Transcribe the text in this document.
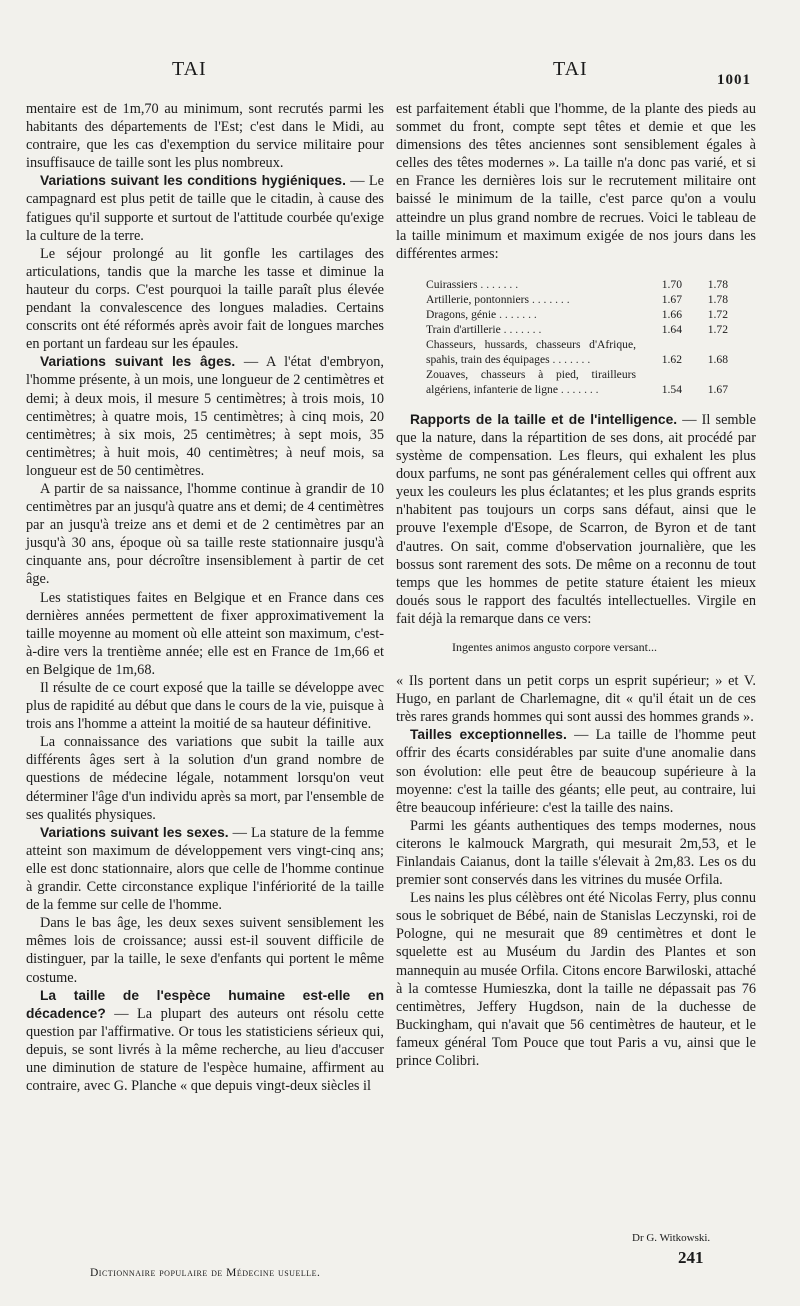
TAI	TAI	1001

mentaire est de 1m,70 au minimum, sont recrutés parmi les habitants des départements de l'Est; c'est dans le Midi, au contraire, que les cas d'exemption du service militaire pour insuffisauce de taille sont les plus nombreux.

Variations suivant les conditions hygiéniques. — Le campagnard est plus petit de taille que le citadin, à cause des fatigues qu'il supporte et surtout de l'attitude courbée qu'exige la culture de la terre.

Le séjour prolongé au lit gonfle les cartilages des articulations, tandis que la marche les tasse et diminue la hauteur du corps. C'est pourquoi la taille paraît plus élevée pendant la convalescence des longues maladies. Certains conscrits ont été réformés après avoir fait de longues marches en portant un fardeau sur les épaules.

Variations suivant les âges. — A l'état d'embryon, l'homme présente, à un mois, une longueur de 2 centimètres et demi; à deux mois, il mesure 5 centimètres; à trois mois, 10 centimètres; à quatre mois, 15 centimètres; à cinq mois, 20 centimètres; à six mois, 25 centimètres; à sept mois, 35 centimètres; à huit mois, 40 centimètres; à neuf mois, sa longueur est de 50 centimètres.

A partir de sa naissance, l'homme continue à grandir de 10 centimètres par an jusqu'à quatre ans et demi; de 4 centimètres par an jusqu'à treize ans et demi et de 2 centimètres par an jusqu'à 30 ans, époque où sa taille reste stationnaire jusqu'à cinquante ans, pour décroître insensiblement à partir de cet âge.

Les statistiques faites en Belgique et en France dans ces dernières années permettent de fixer approximativement la taille moyenne au moment où elle atteint son maximum, c'est-à-dire vers la trentième année; elle est en France de 1m,66 et en Belgique de 1m,68.

Il résulte de ce court exposé que la taille se développe avec plus de rapidité au début que dans le cours de la vie, puisque à trois ans l'homme a atteint la moitié de sa hauteur définitive.

La connaissance des variations que subit la taille aux différents âges sert à la solution d'un grand nombre de questions de médecine légale, notamment lorsqu'on veut déterminer l'âge d'un individu après sa mort, par l'ensemble de ses qualités physiques.

Variations suivant les sexes. — La stature de la femme atteint son maximum de développement vers vingt-cinq ans; elle est donc stationnaire, alors que celle de l'homme continue à grandir. Cette circonstance explique l'infériorité de la taille de la femme sur celle de l'homme.

Dans le bas âge, les deux sexes suivent sensiblement les mêmes lois de croissance; aussi est-il souvent difficile de distinguer, par la taille, le sexe d'enfants qui portent le même costume.

La taille de l'espèce humaine est-elle en décadence? — La plupart des auteurs ont résolu cette question par l'affirmative. Or tous les statisticiens sérieux qui, depuis, se sont livrés à la même recherche, au lieu d'accuser une diminution de stature de l'espèce humaine, affirment au contraire, avec G. Planche « que depuis vingt-deux siècles il

est parfaitement établi que l'homme, de la plante des pieds au sommet du front, compte sept têtes et demie et que les dimensions des têtes anciennes sont sensiblement égales à celles des têtes modernes ». La taille n'a donc pas varié, et si en France les dernières lois sur le recrutement militaire ont baissé le minimum de la taille, c'est parce qu'on a voulu atteindre un plus grand nombre de recrues. Voici le tableau de la taille minimum et maximum exigée de nos jours dans les différentes armes:

Cuirassiers . . . . . . .	1.70	1.78
Artillerie, pontonniers . . . . . . .	1.67	1.78
Dragons, génie . . . . . . .	1.66	1.72
Train d'artillerie . . . . . . .	1.64	1.72
Chasseurs, hussards, chasseurs d'Afrique, spahis, train des équipages . . . . . . .	1.62	1.68
Zouaves, chasseurs à pied, tirailleurs algériens, infanterie de ligne . . . . . . .	1.54	1.67

Rapports de la taille et de l'intelligence. — Il semble que la nature, dans la répartition de ses dons, ait procédé par système de compensation. Les fleurs, qui exhalent les plus doux parfums, ne sont pas généralement celles qui offrent aux yeux les couleurs les plus éclatantes; et les plus grands esprits n'habitent pas toujours un corps sans défaut, ainsi que le prouve l'exemple d'Esope, de Scarron, de Byron et de tant d'autres. On sait, comme d'observation journalière, que les bossus sont rarement des sots. De même on a reconnu de tout temps que les hommes de petite stature étaient les mieux doués sous le rapport des facultés intellectuelles. Virgile en fait déjà la remarque dans ce vers:

Ingentes animos angusto corpore versant...

« Ils portent dans un petit corps un esprit supérieur; » et V. Hugo, en parlant de Charlemagne, dit « qu'il était un de ces très rares grands hommes qui sont aussi des hommes grands ».

Tailles exceptionnelles. — La taille de l'homme peut offrir des écarts considérables par suite d'une anomalie dans son évolution: elle peut être de beaucoup supérieure à la moyenne: c'est la taille des géants; elle peut, au contraire, lui être beaucoup inférieure: c'est la taille des nains.

Parmi les géants authentiques des temps modernes, nous citerons le kalmouck Margrath, qui mesurait 2m,53, et le Finlandais Caianus, dont la taille s'élevait à 2m,83. Les os du premier sont conservés dans les vitrines du musée Orfila.

Les nains les plus célèbres ont été Nicolas Ferry, plus connu sous le sobriquet de Bébé, nain de Stanislas Leczynski, roi de Pologne, qui ne mesurait que 89 centimètres et dont le squelette est au Muséum du Jardin des Plantes et son mannequin au musée Orfila. Citons encore Barwiloski, attaché à la comtesse Humieszka, dont la taille ne dépassait pas 76 centimètres, Jeffery Hugdson, nain de la duchesse de Buckingham, qui n'avait que 56 centimètres de hauteur, et le fameux général Tom Pouce que tout Paris a vu, ainsi que le prince Colibri.

Dr G. Witkowski.
241
Dictionnaire populaire de Médecine usuelle.
